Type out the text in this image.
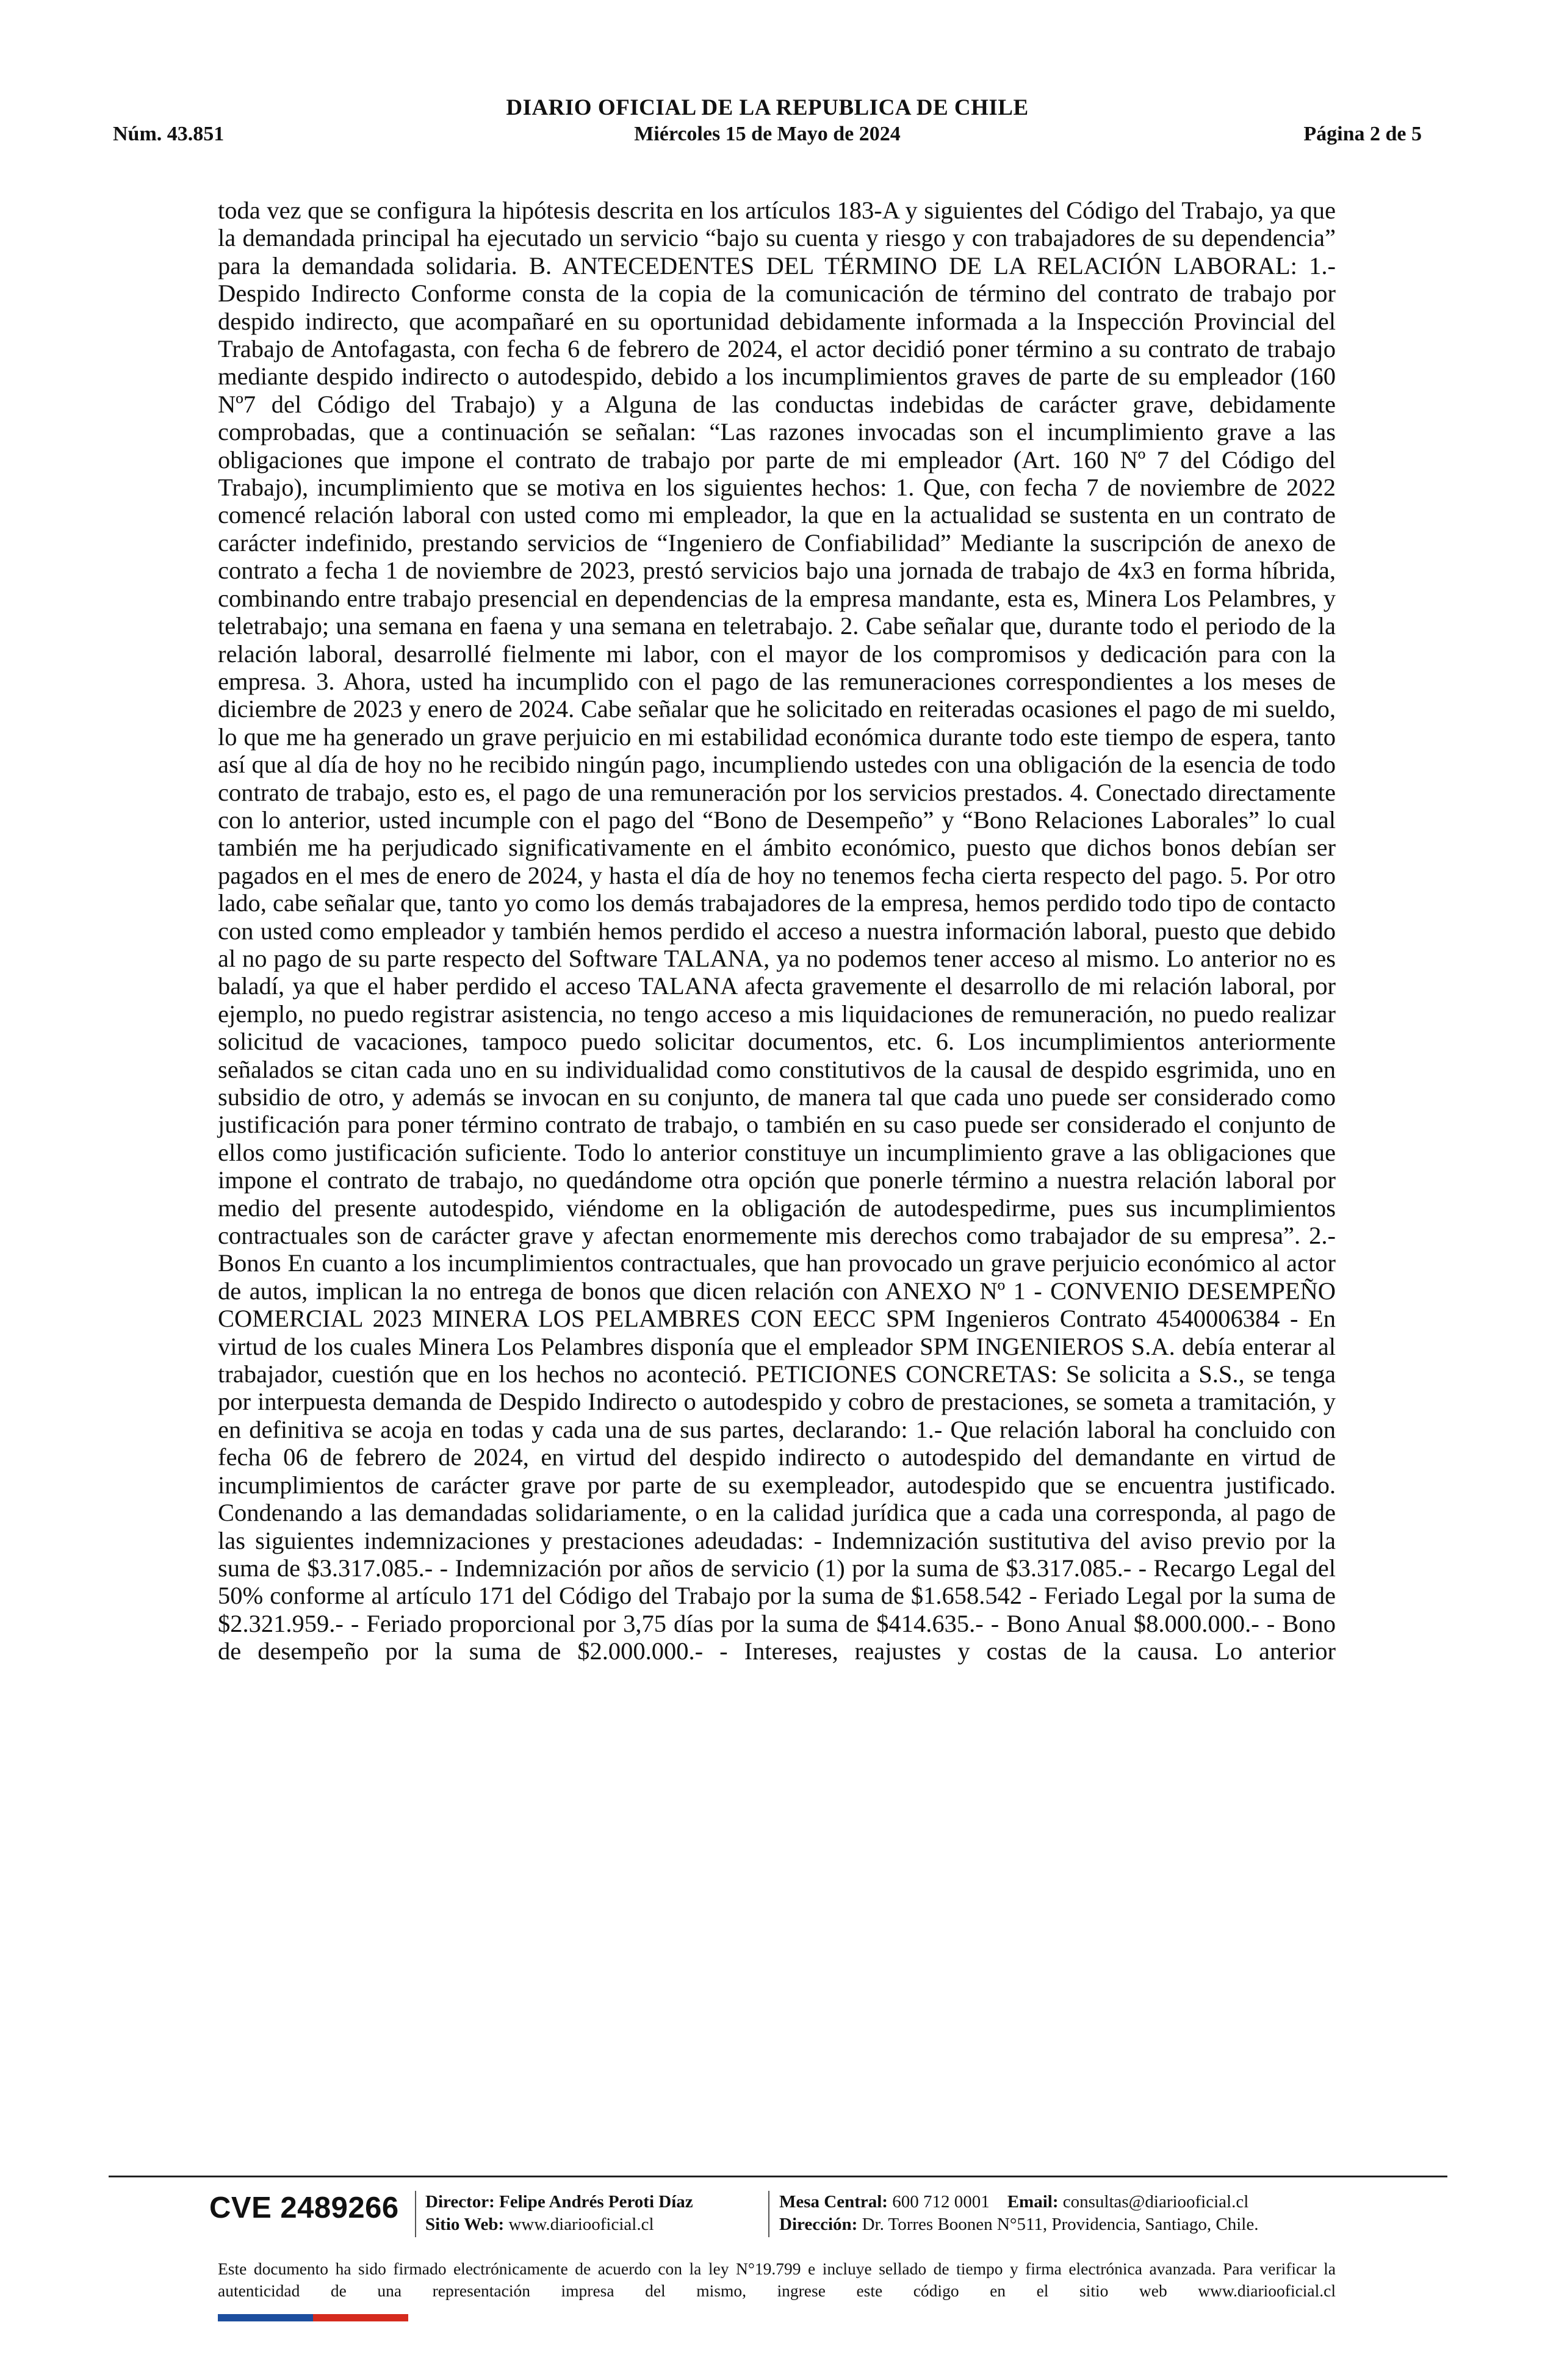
DIARIO OFICIAL DE LA REPUBLICA DE CHILE
Núm. 43.851	Miércoles 15 de Mayo de 2024	Página 2 de 5
toda vez que se configura la hipótesis descrita en los artículos 183-A y siguientes del Código del Trabajo, ya que la demandada principal ha ejecutado un servicio “bajo su cuenta y riesgo y con trabajadores de su dependencia” para la demandada solidaria. B. ANTECEDENTES DEL TÉRMINO DE LA RELACIÓN LABORAL: 1.- Despido Indirecto Conforme consta de la copia de la comunicación de término del contrato de trabajo por despido indirecto, que acompañaré en su oportunidad debidamente informada a la Inspección Provincial del Trabajo de Antofagasta, con fecha 6 de febrero de 2024, el actor decidió poner término a su contrato de trabajo mediante despido indirecto o autodespido, debido a los incumplimientos graves de parte de su empleador (160 Nº7 del Código del Trabajo) y a Alguna de las conductas indebidas de carácter grave, debidamente comprobadas, que a continuación se señalan: “Las razones invocadas son el incumplimiento grave a las obligaciones que impone el contrato de trabajo por parte de mi empleador (Art. 160 Nº 7 del Código del Trabajo), incumplimiento que se motiva en los siguientes hechos: 1. Que, con fecha 7 de noviembre de 2022 comencé relación laboral con usted como mi empleador, la que en la actualidad se sustenta en un contrato de carácter indefinido, prestando servicios de “Ingeniero de Confiabilidad” Mediante la suscripción de anexo de contrato a fecha 1 de noviembre de 2023, prestó servicios bajo una jornada de trabajo de 4x3 en forma híbrida, combinando entre trabajo presencial en dependencias de la empresa mandante, esta es, Minera Los Pelambres, y teletrabajo; una semana en faena y una semana en teletrabajo. 2. Cabe señalar que, durante todo el periodo de la relación laboral, desarrollé fielmente mi labor, con el mayor de los compromisos y dedicación para con la empresa. 3. Ahora, usted ha incumplido con el pago de las remuneraciones correspondientes a los meses de diciembre de 2023 y enero de 2024. Cabe señalar que he solicitado en reiteradas ocasiones el pago de mi sueldo, lo que me ha generado un grave perjuicio en mi estabilidad económica durante todo este tiempo de espera, tanto así que al día de hoy no he recibido ningún pago, incumpliendo ustedes con una obligación de la esencia de todo contrato de trabajo, esto es, el pago de una remuneración por los servicios prestados. 4. Conectado directamente con lo anterior, usted incumple con el pago del “Bono de Desempeño” y “Bono Relaciones Laborales” lo cual también me ha perjudicado significativamente en el ámbito económico, puesto que dichos bonos debían ser pagados en el mes de enero de 2024, y hasta el día de hoy no tenemos fecha cierta respecto del pago. 5. Por otro lado, cabe señalar que, tanto yo como los demás trabajadores de la empresa, hemos perdido todo tipo de contacto con usted como empleador y también hemos perdido el acceso a nuestra información laboral, puesto que debido al no pago de su parte respecto del Software TALANA, ya no podemos tener acceso al mismo. Lo anterior no es baladí, ya que el haber perdido el acceso TALANA afecta gravemente el desarrollo de mi relación laboral, por ejemplo, no puedo registrar asistencia, no tengo acceso a mis liquidaciones de remuneración, no puedo realizar solicitud de vacaciones, tampoco puedo solicitar documentos, etc. 6. Los incumplimientos anteriormente señalados se citan cada uno en su individualidad como constitutivos de la causal de despido esgrimida, uno en subsidio de otro, y además se invocan en su conjunto, de manera tal que cada uno puede ser considerado como justificación para poner término contrato de trabajo, o también en su caso puede ser considerado el conjunto de ellos como justificación suficiente. Todo lo anterior constituye un incumplimiento grave a las obligaciones que impone el contrato de trabajo, no quedándome otra opción que ponerle término a nuestra relación laboral por medio del presente autodespido, viéndome en la obligación de autodespedirme, pues sus incumplimientos contractuales son de carácter grave y afectan enormemente mis derechos como trabajador de su empresa”. 2.- Bonos En cuanto a los incumplimientos contractuales, que han provocado un grave perjuicio económico al actor de autos, implican la no entrega de bonos que dicen relación con ANEXO Nº 1 - CONVENIO DESEMPEÑO COMERCIAL 2023 MINERA LOS PELAMBRES CON EECC SPM Ingenieros Contrato 4540006384 - En virtud de los cuales Minera Los Pelambres disponía que el empleador SPM INGENIEROS S.A. debía enterar al trabajador, cuestión que en los hechos no aconteció. PETICIONES CONCRETAS: Se solicita a S.S., se tenga por interpuesta demanda de Despido Indirecto o autodespido y cobro de prestaciones, se someta a tramitación, y en definitiva se acoja en todas y cada una de sus partes, declarando: 1.- Que relación laboral ha concluido con fecha 06 de febrero de 2024, en virtud del despido indirecto o autodespido del demandante en virtud de incumplimientos de carácter grave por parte de su exempleador, autodespido que se encuentra justificado. Condenando a las demandadas solidariamente, o en la calidad jurídica que a cada una corresponda, al pago de las siguientes indemnizaciones y prestaciones adeudadas: - Indemnización sustitutiva del aviso previo por la suma de $3.317.085.- - Indemnización por años de servicio (1) por la suma de $3.317.085.- - Recargo Legal del 50% conforme al artículo 171 del Código del Trabajo por la suma de $1.658.542 - Feriado Legal por la suma de $2.321.959.- - Feriado proporcional por 3,75 días por la suma de $414.635.- - Bono Anual $8.000.000.- - Bono de desempeño por la suma de $2.000.000.- - Intereses, reajustes y costas de la causa. Lo anterior
CVE 2489266 Director: Felipe Andrés Peroti Díaz
Sitio Web: www.diariooficial.cl
Mesa Central: 600 712 0001 Email: consultas@diariooficial.cl
Dirección: Dr. Torres Boonen N°511, Providencia, Santiago, Chile.
Este documento ha sido firmado electrónicamente de acuerdo con la ley N°19.799 e incluye sellado de tiempo y firma electrónica avanzada. Para verificar la autenticidad de una representación impresa del mismo, ingrese este código en el sitio web www.diariooficial.cl
